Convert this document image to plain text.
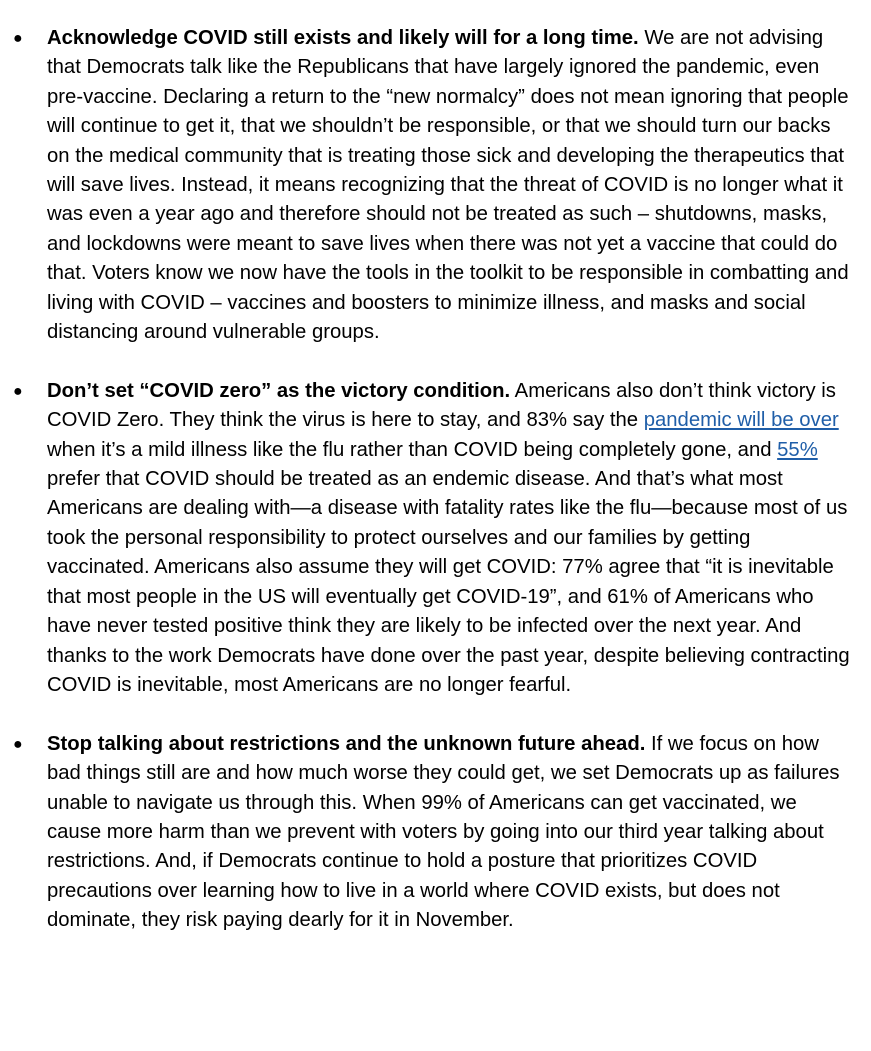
● Acknowledge COVID still exists and likely will for a long time. We are not advising that Democrats talk like the Republicans that have largely ignored the pandemic, even pre-vaccine. Declaring a return to the “new normalcy” does not mean ignoring that people will continue to get it, that we shouldn’t be responsible, or that we should turn our backs on the medical community that is treating those sick and developing the therapeutics that will save lives. Instead, it means recognizing that the threat of COVID is no longer what it was even a year ago and therefore should not be treated as such – shutdowns, masks, and lockdowns were meant to save lives when there was not yet a vaccine that could do that. Voters know we now have the tools in the toolkit to be responsible in combatting and living with COVID – vaccines and boosters to minimize illness, and masks and social distancing around vulnerable groups.
● Don’t set “COVID zero” as the victory condition. Americans also don’t think victory is COVID Zero. They think the virus is here to stay, and 83% say the pandemic will be over when it’s a mild illness like the flu rather than COVID being completely gone, and 55% prefer that COVID should be treated as an endemic disease. And that’s what most Americans are dealing with—a disease with fatality rates like the flu—because most of us took the personal responsibility to protect ourselves and our families by getting vaccinated. Americans also assume they will get COVID: 77% agree that “it is inevitable that most people in the US will eventually get COVID-19”, and 61% of Americans who have never tested positive think they are likely to be infected over the next year. And thanks to the work Democrats have done over the past year, despite believing contracting COVID is inevitable, most Americans are no longer fearful.
● Stop talking about restrictions and the unknown future ahead. If we focus on how bad things still are and how much worse they could get, we set Democrats up as failures unable to navigate us through this. When 99% of Americans can get vaccinated, we cause more harm than we prevent with voters by going into our third year talking about restrictions. And, if Democrats continue to hold a posture that prioritizes COVID precautions over learning how to live in a world where COVID exists, but does not dominate, they risk paying dearly for it in November.
